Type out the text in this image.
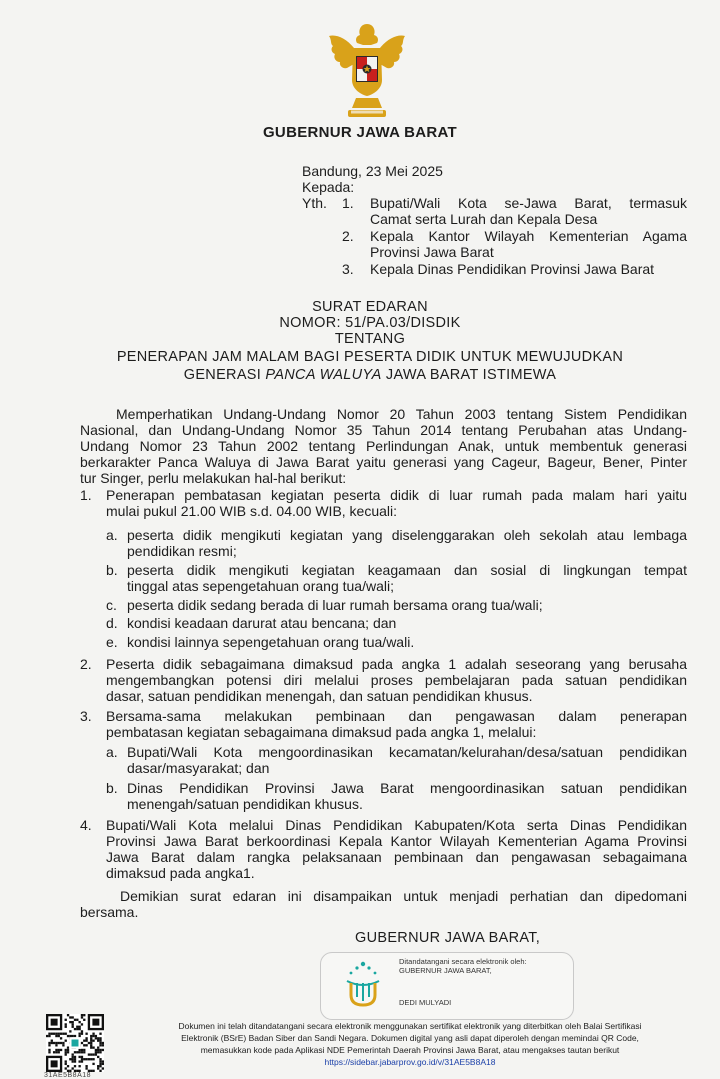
GUBERNUR JAWA BARAT
Bandung, 23 Mei 2025
Kepada:
Yth. 1. Bupati/Wali Kota se-Jawa Barat, termasuk
Camat serta Lurah dan Kepala Desa
2. Kepala Kantor Wilayah Kementerian Agama
Provinsi Jawa Barat
3. Kepala Dinas Pendidikan Provinsi Jawa Barat
SURAT EDARAN
NOMOR: 51/PA.03/DISDIK
TENTANG
PENERAPAN JAM MALAM BAGI PESERTA DIDIK UNTUK MEWUJUDKAN
GENERASI PANCA WALUYA JAWA BARAT ISTIMEWA
Memperhatikan Undang-Undang Nomor 20 Tahun 2003 tentang Sistem Pendidikan
Nasional, dan Undang-Undang Nomor 35 Tahun 2014 tentang Perubahan atas Undang-
Undang Nomor 23 Tahun 2002 tentang Perlindungan Anak, untuk membentuk generasi
berkarakter Panca Waluya di Jawa Barat yaitu generasi yang Cageur, Bageur, Bener, Pinter
tur Singer, perlu melakukan hal-hal berikut:
1. Penerapan pembatasan kegiatan peserta didik di luar rumah pada malam hari yaitu
mulai pukul 21.00 WIB s.d. 04.00 WIB, kecuali:
a. peserta didik mengikuti kegiatan yang diselenggarakan oleh sekolah atau lembaga
pendidikan resmi;
b. peserta didik mengikuti kegiatan keagamaan dan sosial di lingkungan tempat
tinggal atas sepengetahuan orang tua/wali;
c. peserta didik sedang berada di luar rumah bersama orang tua/wali;
d. kondisi keadaan darurat atau bencana; dan
e. kondisi lainnya sepengetahuan orang tua/wali.
2. Peserta didik sebagaimana dimaksud pada angka 1 adalah seseorang yang berusaha
mengembangkan potensi diri melalui proses pembelajaran pada satuan pendidikan
dasar, satuan pendidikan menengah, dan satuan pendidikan khusus.
3. Bersama-sama melakukan pembinaan dan pengawasan dalam penerapan
pembatasan kegiatan sebagaimana dimaksud pada angka 1, melalui:
a. Bupati/Wali Kota mengoordinasikan kecamatan/kelurahan/desa/satuan pendidikan
dasar/masyarakat; dan
b. Dinas Pendidikan Provinsi Jawa Barat mengoordinasikan satuan pendidikan
menengah/satuan pendidikan khusus.
4. Bupati/Wali Kota melalui Dinas Pendidikan Kabupaten/Kota serta Dinas Pendidikan
Provinsi Jawa Barat berkoordinasi Kepala Kantor Wilayah Kementerian Agama Provinsi
Jawa Barat dalam rangka pelaksanaan pembinaan dan pengawasan sebagaimana
dimaksud pada angka1.
Demikian surat edaran ini disampaikan untuk menjadi perhatian dan dipedomani
bersama.
GUBERNUR JAWA BARAT,
Ditandatangani secara elektronik oleh:
GUBERNUR JAWA BARAT,
DEDI MULYADI
31AE5B8A18
Dokumen ini telah ditandatangani secara elektronik menggunakan sertifikat elektronik yang diterbitkan oleh Balai Sertifikasi
Elektronik (BSrE) Badan Siber dan Sandi Negara. Dokumen digital yang asli dapat diperoleh dengan memindai QR Code,
memasukkan kode pada Aplikasi NDE Pemerintah Daerah Provinsi Jawa Barat, atau mengakses tautan berikut
https://sidebar.jabarprov.go.id/v/31AE5B8A18
